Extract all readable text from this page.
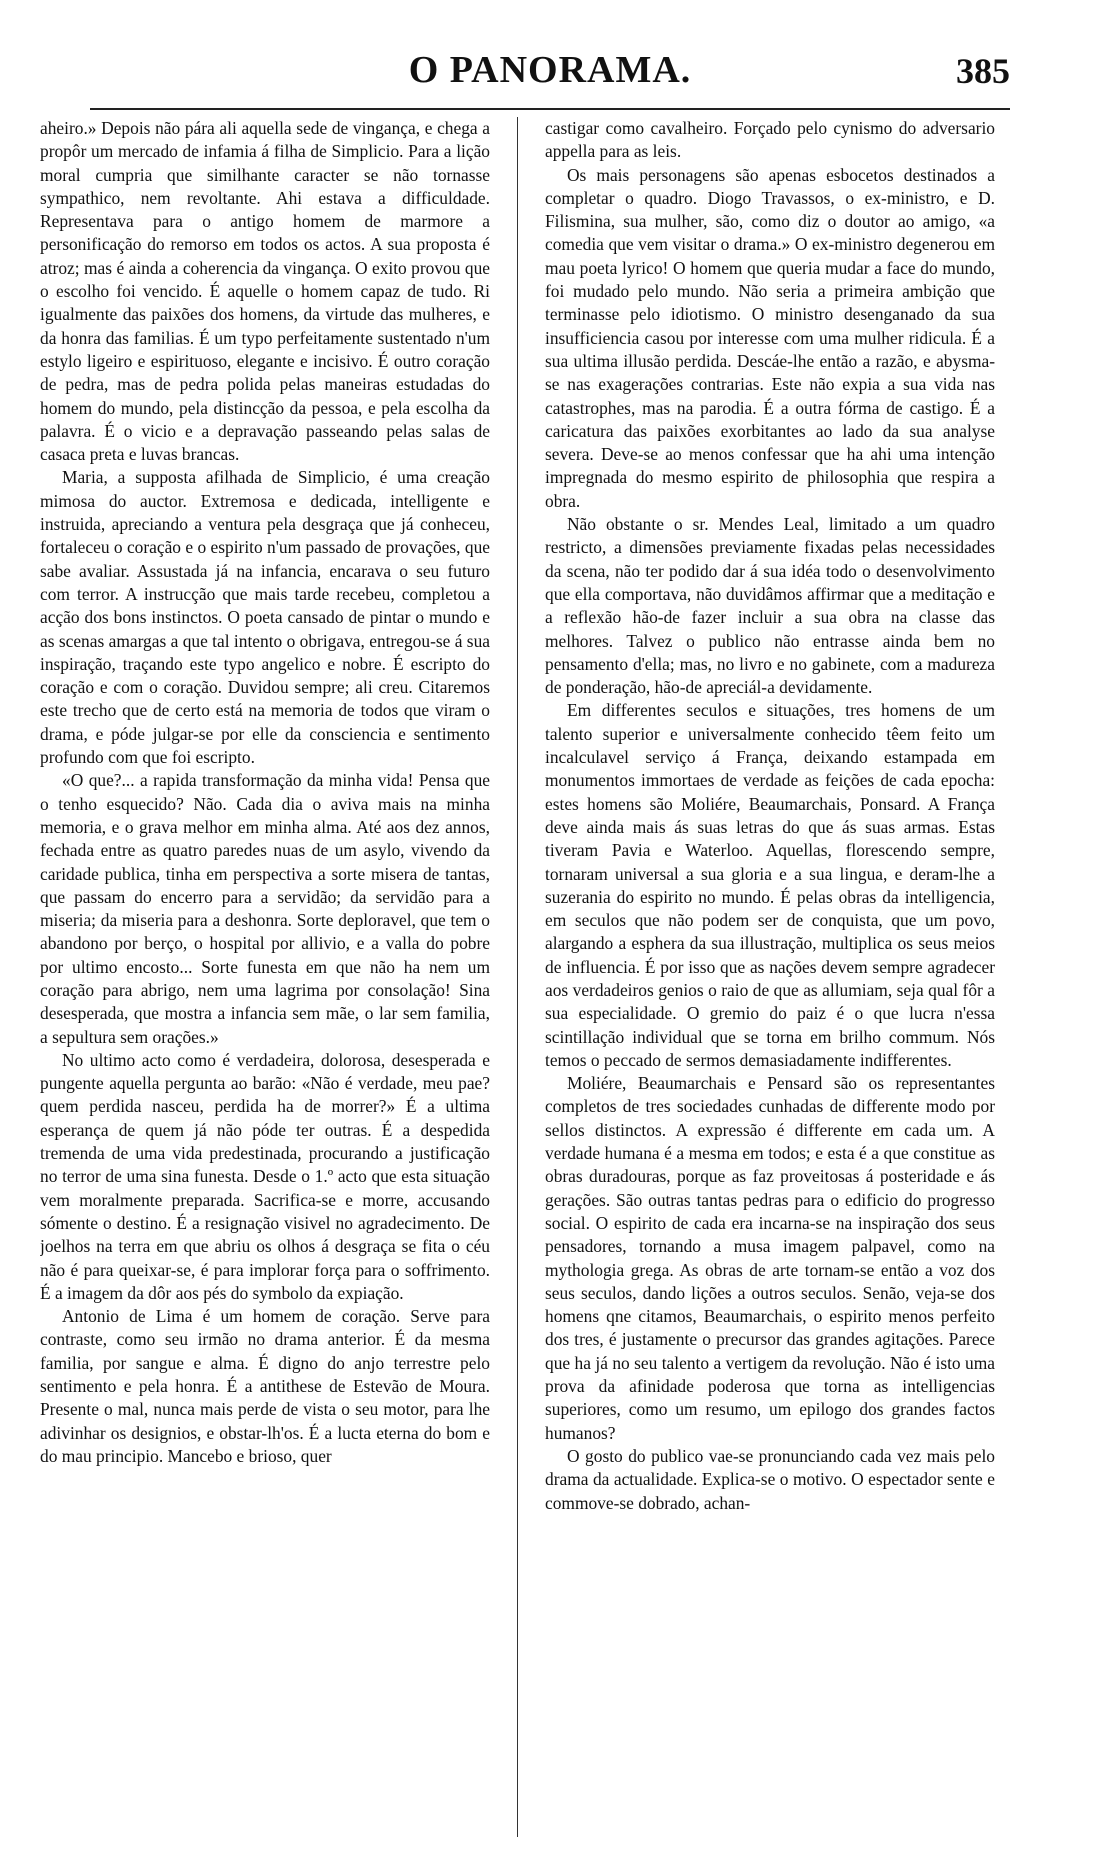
O PANORAMA.	385

aheiro.» Depois não pára ali aquella sede de vingança, e chega a propôr um mercado de infamia á filha de Simplicio. Para a lição moral cumpria que similhante caracter se não tornasse sympathico, nem revoltante. Ahi estava a difficuldade. Representava para o antigo homem de marmore a personificação do remorso em todos os actos. A sua proposta é atroz; mas é ainda a coherencia da vingança. O exito provou que o escolho foi vencido. É aquelle o homem capaz de tudo. Ri igualmente das paixões dos homens, da virtude das mulheres, e da honra das familias. É um typo perfeitamente sustentado n'um estylo ligeiro e espirituoso, elegante e incisivo. É outro coração de pedra, mas de pedra polida pelas maneiras estudadas do homem do mundo, pela distincção da pessoa, e pela escolha da palavra. É o vicio e a depravação passeando pelas salas de casaca preta e luvas brancas.

Maria, a supposta afilhada de Simplicio, é uma creação mimosa do auctor. Extremosa e dedicada, intelligente e instruida, apreciando a ventura pela desgraça que já conheceu, fortaleceu o coração e o espirito n'um passado de provações, que sabe avaliar. Assustada já na infancia, encarava o seu futuro com terror. A instrucção que mais tarde recebeu, completou a acção dos bons instinctos. O poeta cansado de pintar o mundo e as scenas amargas a que tal intento o obrigava, entregou-se á sua inspiração, traçando este typo angelico e nobre. É escripto do coração e com o coração. Duvidou sempre; ali creu. Citaremos este trecho que de certo está na memoria de todos que viram o drama, e póde julgar-se por elle da consciencia e sentimento profundo com que foi escripto.

«O que?... a rapida transformação da minha vida! Pensa que o tenho esquecido? Não. Cada dia o aviva mais na minha memoria, e o grava melhor em minha alma. Até aos dez annos, fechada entre as quatro paredes nuas de um asylo, vivendo da caridade publica, tinha em perspectiva a sorte misera de tantas, que passam do encerro para a servidão; da servidão para a miseria; da miseria para a deshonra. Sorte deploravel, que tem o abandono por berço, o hospital por allivio, e a valla do pobre por ultimo encosto... Sorte funesta em que não ha nem um coração para abrigo, nem uma lagrima por consolação! Sina desesperada, que mostra a infancia sem mãe, o lar sem familia, a sepultura sem orações.»

No ultimo acto como é verdadeira, dolorosa, desesperada e pungente aquella pergunta ao barão: «Não é verdade, meu pae? quem perdida nasceu, perdida ha de morrer?» É a ultima esperança de quem já não póde ter outras. É a despedida tremenda de uma vida predestinada, procurando a justificação no terror de uma sina funesta. Desde o 1.º acto que esta situação vem moralmente preparada. Sacrifica-se e morre, accusando sómente o destino. É a resignação visivel no agradecimento. De joelhos na terra em que abriu os olhos á desgraça se fita o céu não é para queixar-se, é para implorar força para o soffrimento. É a imagem da dôr aos pés do symbolo da expiação.

Antonio de Lima é um homem de coração. Serve para contraste, como seu irmão no drama anterior. É da mesma familia, por sangue e alma. É digno do anjo terrestre pelo sentimento e pela honra. É a antithese de Estevão de Moura. Presente o mal, nunca mais perde de vista o seu motor, para lhe adivinhar os designios, e obstar-lh'os. É a lucta eterna do bom e do mau principio. Mancebo e brioso, quer

castigar como cavalheiro. Forçado pelo cynismo do adversario appella para as leis.

Os mais personagens são apenas esbocetos destinados a completar o quadro. Diogo Travassos, o ex-ministro, e D. Filismina, sua mulher, são, como diz o doutor ao amigo, «a comedia que vem visitar o drama.» O ex-ministro degenerou em mau poeta lyrico! O homem que queria mudar a face do mundo, foi mudado pelo mundo. Não seria a primeira ambição que terminasse pelo idiotismo. O ministro desenganado da sua insufficiencia casou por interesse com uma mulher ridicula. É a sua ultima illusão perdida. Descáe-lhe então a razão, e abysma-se nas exagerações contrarias. Este não expia a sua vida nas catastrophes, mas na parodia. É a outra fórma de castigo. É a caricatura das paixões exorbitantes ao lado da sua analyse severa. Deve-se ao menos confessar que ha ahi uma intenção impregnada do mesmo espirito de philosophia que respira a obra.

Não obstante o sr. Mendes Leal, limitado a um quadro restricto, a dimensões previamente fixadas pelas necessidades da scena, não ter podido dar á sua idéa todo o desenvolvimento que ella comportava, não duvidâmos affirmar que a meditação e a reflexão hão-de fazer incluir a sua obra na classe das melhores. Talvez o publico não entrasse ainda bem no pensamento d'ella; mas, no livro e no gabinete, com a madureza de ponderação, hão-de apreciál-a devidamente.

Em differentes seculos e situações, tres homens de um talento superior e universalmente conhecido têem feito um incalculavel serviço á França, deixando estampada em monumentos immortaes de verdade as feições de cada epocha: estes homens são Moliére, Beaumarchais, Ponsard. A França deve ainda mais ás suas letras do que ás suas armas. Estas tiveram Pavia e Waterloo. Aquellas, florescendo sempre, tornaram universal a sua gloria e a sua lingua, e deram-lhe a suzerania do espirito no mundo. É pelas obras da intelligencia, em seculos que não podem ser de conquista, que um povo, alargando a esphera da sua illustração, multiplica os seus meios de influencia. É por isso que as nações devem sempre agradecer aos verdadeiros genios o raio de que as allumiam, seja qual fôr a sua especialidade. O gremio do paiz é o que lucra n'essa scintillação individual que se torna em brilho commum. Nós temos o peccado de sermos demasiadamente indifferentes.

Moliére, Beaumarchais e Pensard são os representantes completos de tres sociedades cunhadas de differente modo por sellos distinctos. A expressão é differente em cada um. A verdade humana é a mesma em todos; e esta é a que constitue as obras duradouras, porque as faz proveitosas á posteridade e ás gerações. São outras tantas pedras para o edificio do progresso social. O espirito de cada era incarna-se na inspiração dos seus pensadores, tornando a musa imagem palpavel, como na mythologia grega. As obras de arte tornam-se então a voz dos seus seculos, dando lições a outros seculos. Senão, veja-se dos homens qne citamos, Beaumarchais, o espirito menos perfeito dos tres, é justamente o precursor das grandes agitações. Parece que ha já no seu talento a vertigem da revolução. Não é isto uma prova da afinidade poderosa que torna as intelligencias superiores, como um resumo, um epilogo dos grandes factos humanos?

O gosto do publico vae-se pronunciando cada vez mais pelo drama da actualidade. Explica-se o motivo. O espectador sente e commove-se dobrado, achan-
